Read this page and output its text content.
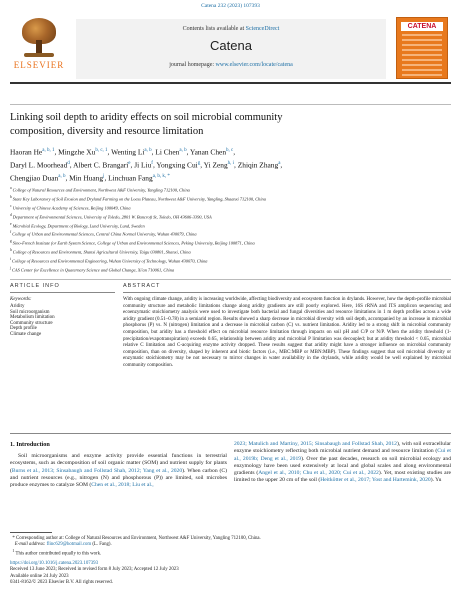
Catena 232 (2023) 107393
ELSEVIER
Contents lists available at ScienceDirect
Catena
journal homepage: www.elsevier.com/locate/catena
CATENA
Linking soil depth to aridity effects on soil microbial community
composition, diversity and resource limitation
Haoran He$^{a, b, 1}$, Mingzhe Xu$^{b, c, 1}$, Wenting Li$^{a, b}$, Li Chen$^{a, b}$, Yanan Chen$^{b, c}$,
Daryl L. Moorhead$^d$, Albert C. Brangarí$^e$, Ji Liu$^f$, Yongxing Cui$^g$, Yi Zeng$^{h, i}$, Zhiqin Zhang$^a$,
Chengjiao Duan$^{a, b}$, Min Huang$^j$, Linchuan Fang$^{a, b, k, *}$
$^a$College of Natural Resources and Environment, Northwest A&F University, Yangling 712100, China
$^b$State Key Laboratory of Soil Erosion and Dryland Farming on the Loess Plateau, Northwest A&F University, Yangling, Shaanxi 712100, China
$^c$University of Chinese Academy of Sciences, Beijing 100049, China
$^d$Department of Environmental Sciences, University of Toledo, 2801 W. Bancroft St, Toledo, OH 43606-3390, USA
$^e$Microbial Ecology, Department of Biology, Lund University, Lund, Sweden
$^f$College of Urban and Environmental Sciences, Central China Normal University, Wuhan 430079, China
$^g$Sino-French Institute for Earth System Science, College of Urban and Environmental Sciences, Peking University, Beijing 100871, China
$^h$College of Resources and Environment, Shanxi Agricultural University, Taigu 030801, Shanxi, China
$^i$College of Resources and Environmental Engineering, Wuhan University of Technology, Wuhan 430070, China
$^j$CAS Center for Excellence in Quaternary Science and Global Change, Xi'an 710061, China
ARTICLE INFO	ABSTRACT
Keywords:
Aridity
Soil microorganism
Metabolism limitation
Community structure
Depth profile
Climate change
With ongoing climate change, aridity is increasing worldwide, affecting biodiversity and ecosystem function in drylands. However, how the depth-profile microbial community structure and metabolic limitations change along aridity gradients are still poorly explored. Here, 16S rRNA and ITS amplicon sequencing and ecoenzymatic stoichiometry analysis were used to investigate both bacterial and fungal diversities and resource limitations in 1 m depth profiles across a wide aridity gradient (0.51–0.78) in a semiarid region. Results showed a sharp decrease in microbial diversity with soil depth, accompanied by an increase in microbial phosphorus (P) vs. N (nitrogen) limitation and a decrease in microbial carbon (C) vs. nutrient limitation. Aridity led to a strong shift in microbial community composition, but aridity has a threshold effect on microbial resource limitation through impacts on soil pH and C/P or N/P. When the aridity threshold (1-precipitation/evapotranspiration) exceeds 0.65, relationship between aridity and microbial P limitation was decoupled; but at aridity threshold < 0.65, microbial relative C limitation and C-acquiring enzyme activity dropped. These results suggest that aridity might have a stronger influence on microbial community composition, than on diversity, shaped by inherent and biotic factors (i.e., MBC:MBP or MBN:MBP). These findings suggest that soil microbial diversity or enzymatic stoichiometry may be not necessary to mirror changes in water availability in the drylands, while aridity would be well explained by microbial community composition.
1. Introduction
Soil microorganisms and enzyme activity provide essential functions in terrestrial ecosystems, such as decomposition of soil organic matter (SOM) and nutrient supply for plants (Burns et al., 2013; Sinsabaugh and Follstad Shah, 2012; Yang et al., 2020). When carbon (C) and nutrient resources (e.g., nitrogen (N) and phosphorous (P)) are limited, soil microbes produce enzymes to catalyze SOM (Chen et al., 2018; Liu et al.,
2023; Matulich and Martiny, 2015; Sinsabaugh and Follstad Shah, 2012), with soil extracellular enzyme stoichiometry reflecting both microbial nutrient demand and resource limitation (Cui et al., 2019b; Deng et al., 2019). Over the past decades, research on soil microbial ecology and enzymology have been used extensively at local and global scales and along environmental gradients (Angel et al., 2010; Chu et al., 2020; Cui et al., 2022). Yet, most existing studies are limited to the upper 20 cm of the soil (Heitkötter et al., 2017; Yost and Hartemink, 2020). Yu
* Corresponding author at: College of Natural Resources and Environment, Northwest A&F University, Yangling 712100, China.
E-mail address: flinc629@hotmail.com (L. Fang).
$^1$ This author contributed equally to this work.
https://doi.org/10.1016/j.catena.2023.107393
Received 13 June 2023; Received in revised form 8 July 2023; Accepted 12 July 2023
Available online 24 July 2023
0341-8162/© 2023 Elsevier B.V. All rights reserved.
